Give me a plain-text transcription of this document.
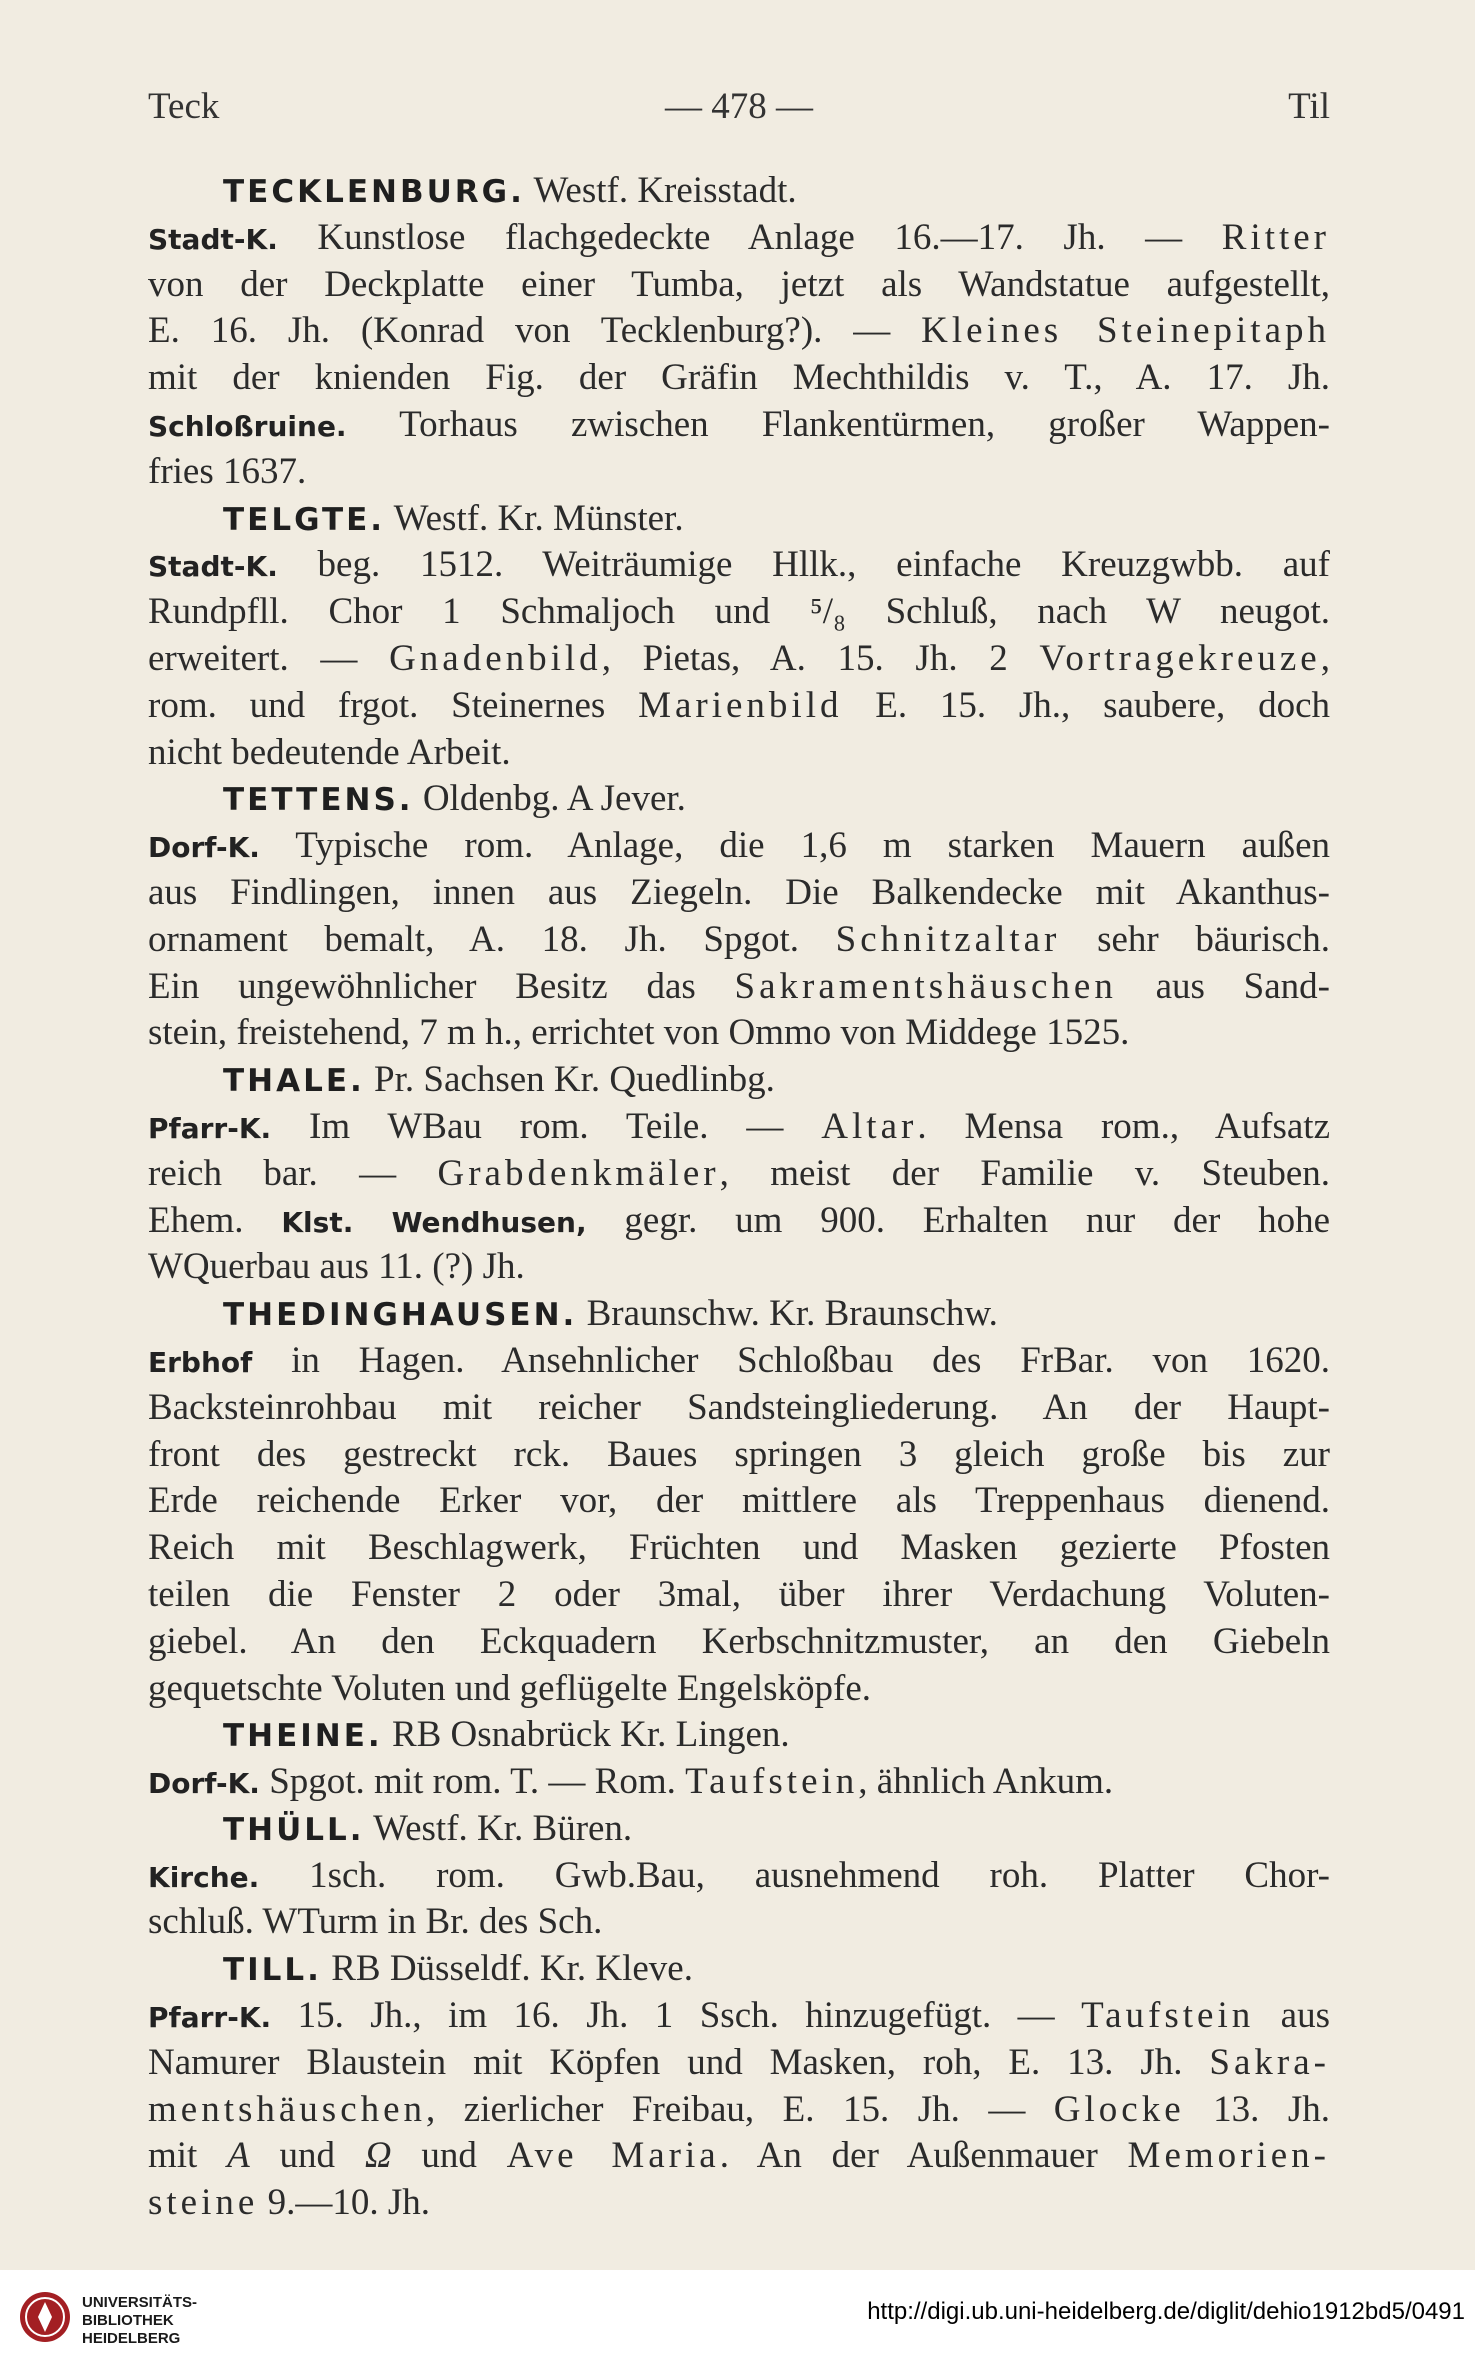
Teck	— 478 —	Til
TECKLENBURG. Westf. Kreisstadt.
Stadt-K. Kunstlose flachgedeckte Anlage 16.—17. Jh. — Ritter
von der Deckplatte einer Tumba, jetzt als Wandstatue aufgestellt,
E. 16. Jh. (Konrad von Tecklenburg?). — Kleines Steinepitaph
mit der knienden Fig. der Gräfin Mechthildis v. T., A. 17. Jh.
Schloßruine. Torhaus zwischen Flankentürmen, großer Wappen-
fries 1637.
TELGTE. Westf. Kr. Münster.
Stadt-K. beg. 1512. Weiträumige Hllk., einfache Kreuzgwbb. auf
Rundpfll. Chor 1 Schmaljoch und ⁵/₈ Schluß, nach W neugot.
erweitert. — Gnadenbild, Pietas, A. 15. Jh. 2 Vortragekreuze,
rom. und frgot. Steinernes Marienbild E. 15. Jh., saubere, doch
nicht bedeutende Arbeit.
TETTENS. Oldenbg. A Jever.
Dorf-K. Typische rom. Anlage, die 1,6 m starken Mauern außen
aus Findlingen, innen aus Ziegeln. Die Balkendecke mit Akanthus-
ornament bemalt, A. 18. Jh. Spgot. Schnitzaltar sehr bäurisch.
Ein ungewöhnlicher Besitz das Sakramentshäuschen aus Sand-
stein, freistehend, 7 m h., errichtet von Ommo von Middege 1525.
THALE. Pr. Sachsen Kr. Quedlinbg.
Pfarr-K. Im WBau rom. Teile. — Altar. Mensa rom., Aufsatz
reich bar. — Grabdenkmäler, meist der Familie v. Steuben.
Ehem. Klst. Wendhusen, gegr. um 900. Erhalten nur der hohe
WQuerbau aus 11. (?) Jh.
THEDINGHAUSEN. Braunschw. Kr. Braunschw.
Erbhof in Hagen. Ansehnlicher Schloßbau des FrBar. von 1620.
Backsteinrohbau mit reicher Sandsteingliederung. An der Haupt-
front des gestreckt rck. Baues springen 3 gleich große bis zur
Erde reichende Erker vor, der mittlere als Treppenhaus dienend.
Reich mit Beschlagwerk, Früchten und Masken gezierte Pfosten
teilen die Fenster 2 oder 3mal, über ihrer Verdachung Voluten-
giebel. An den Eckquadern Kerbschnitzmuster, an den Giebeln
gequetschte Voluten und geflügelte Engelsköpfe.
THEINE. RB Osnabrück Kr. Lingen.
Dorf-K. Spgot. mit rom. T. — Rom. Taufstein, ähnlich Ankum.
THÜLL. Westf. Kr. Büren.
Kirche. 1sch. rom. Gwb.Bau, ausnehmend roh. Platter Chor-
schluß. WTurm in Br. des Sch.
TILL. RB Düsseldf. Kr. Kleve.
Pfarr-K. 15. Jh., im 16. Jh. 1 Ssch. hinzugefügt. — Taufstein aus
Namurer Blaustein mit Köpfen und Masken, roh, E. 13. Jh. Sakra-
mentshäuschen, zierlicher Freibau, E. 15. Jh. — Glocke 13. Jh.
mit A und Ω und Ave Maria. An der Außenmauer Memorien-
steine 9.—10. Jh.
UNIVERSITÄTS-
BIBLIOTHEK
HEIDELBERG
http://digi.ub.uni-heidelberg.de/diglit/dehio1912bd5/0491
